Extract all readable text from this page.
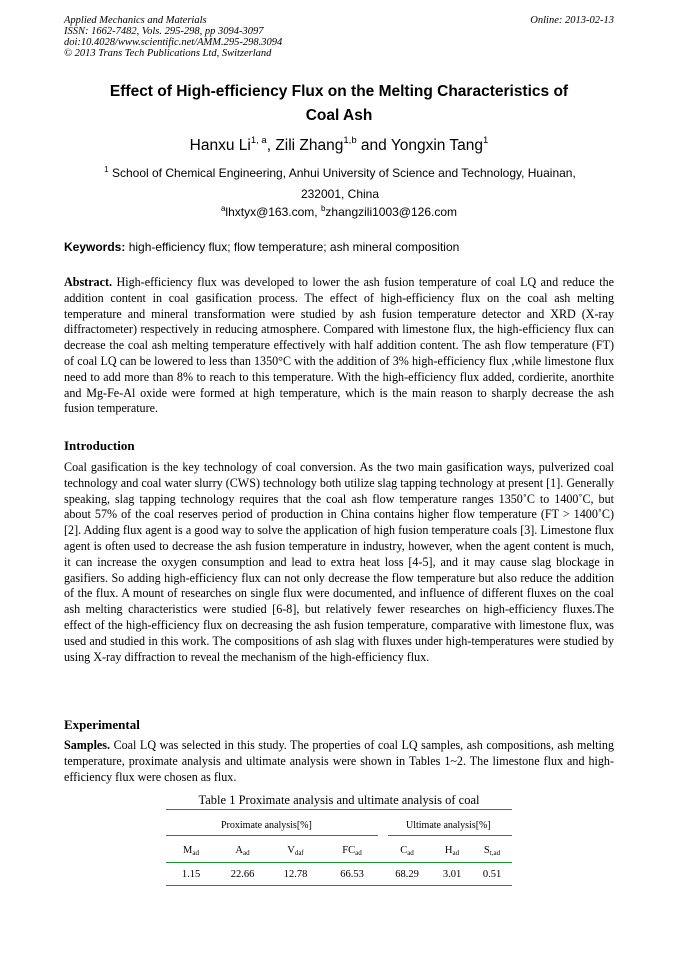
Applied Mechanics and Materials
ISSN: 1662-7482, Vols. 295-298, pp 3094-3097
doi:10.4028/www.scientific.net/AMM.295-298.3094
© 2013 Trans Tech Publications Ltd, Switzerland
Online: 2013-02-13
Effect of High-efficiency Flux on the Melting Characteristics of
Coal Ash
Hanxu Li$^{1, a}$, Zili Zhang$^{1,b}$ and Yongxin Tang$^1$
$^1$ School of Chemical Engineering, Anhui University of Science and Technology, Huainan, 232001, China
$^a$lhxtyx@163.com, $^b$zhangzili1003@126.com
Keywords: high-efficiency flux; flow temperature; ash mineral composition
Abstract. High-efficiency flux was developed to lower the ash fusion temperature of coal LQ and reduce the addition content in coal gasification process. The effect of high-efficiency flux on the coal ash melting temperature and mineral transformation were studied by ash fusion temperature detector and XRD (X-ray diffractometer) respectively in reducing atmosphere. Compared with limestone flux, the high-efficiency flux can decrease the coal ash melting temperature effectively with half addition content. The ash flow temperature (FT) of coal LQ can be lowered to less than 1350°C with the addition of 3% high-efficiency flux ,while limestone flux need to add more than 8% to reach to this temperature. With the high-efficiency flux added, cordierite, anorthite and Mg-Fe-Al oxide were formed at high temperature, which is the main reason to sharply decrease the ash fusion temperature.
Introduction
Coal gasification is the key technology of coal conversion. As the two main gasification ways, pulverized coal technology and coal water slurry (CWS) technology both utilize slag tapping technology at present [1]. Generally speaking, slag tapping technology requires that the coal ash flow temperature ranges 1350˚C to 1400˚C, but about 57% of the coal reserves period of production in China contains higher flow temperature (FT > 1400˚C) [2]. Adding flux agent is a good way to solve the application of high fusion temperature coals [3]. Limestone flux agent is often used to decrease the ash fusion temperature in industry, however, when the agent content is much, it can increase the oxygen consumption and lead to extra heat loss [4-5], and it may cause slag blockage in gasifiers. So adding high-efficiency flux can not only decrease the flow temperature but also reduce the addition of the flux. A mount of researches on single flux were documented, and influence of different fluxes on the coal ash melting characteristics were studied [6-8], but relatively fewer researches on high-efficiency fluxes.The effect of the high-efficiency flux on decreasing the ash fusion temperature, comparative with limestone flux, was used and studied in this work. The compositions of ash slag with fluxes under high-temperatures were studied by using X-ray diffraction to reveal the mechanism of the high-efficiency flux.
Experimental
Samples. Coal LQ was selected in this study. The properties of coal LQ samples, ash compositions, ash melting temperature, proximate analysis and ultimate analysis were shown in Tables 1~2. The limestone flux and high-efficiency flux were chosen as flux.
Table 1 Proximate analysis and ultimate analysis of coal
Proximate analysis[%]	Ultimate analysis[%]
$M_{ad}$	$A_{ad}$	$V_{daf}$	$FC_{ad}$	$C_{ad}$	$H_{ad}$	$S_{t,ad}$
1.15	22.66	12.78	66.53	68.29	3.01	0.51
